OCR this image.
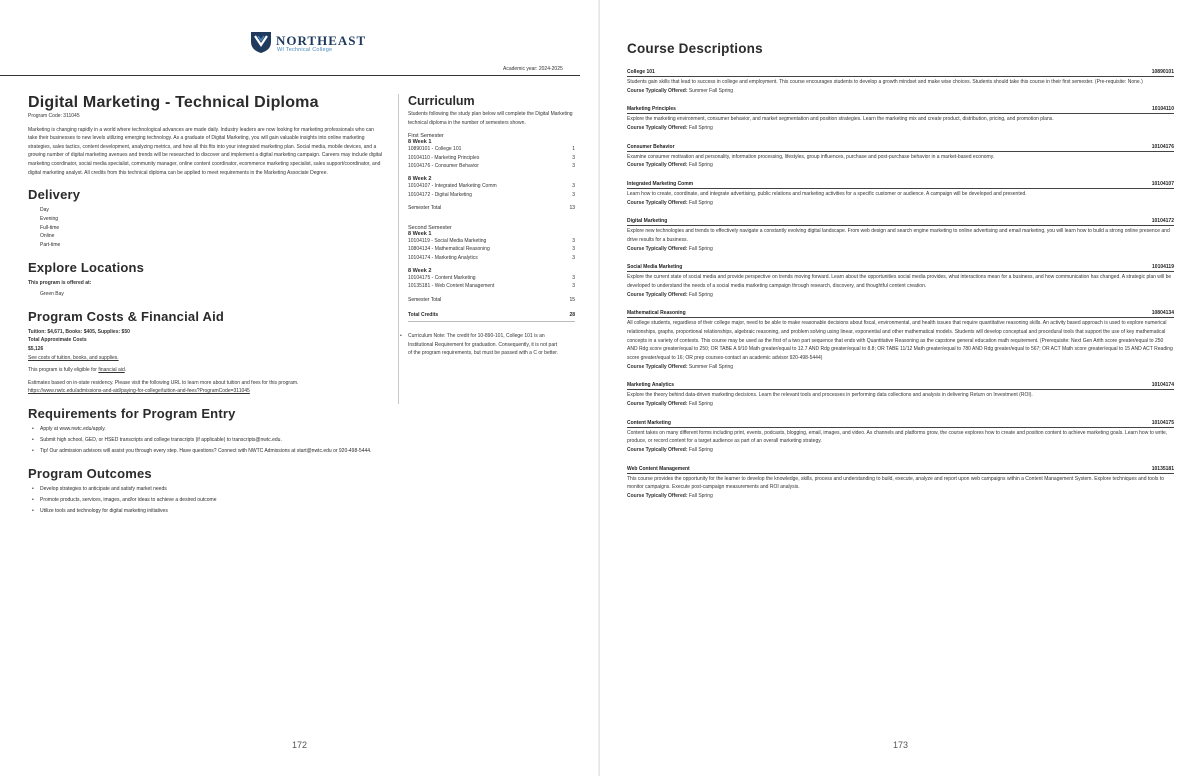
NORTHEAST
WI Technical College
Academic year: 2024-2025
Digital Marketing - Technical Diploma
Program Code: 311045
Marketing is changing rapidly in a world where technological advances are made daily. Industry leaders are now looking for marketing professionals who can take their businesses to new levels utilizing emerging technology. As a graduate of Digital Marketing, you will gain valuable insights into online marketing strategies, sales tactics, content development, analyzing metrics, and how all this fits into your integrated marketing plan. Social media, mobile devices, and a growing number of digital marketing avenues and trends will be researched to discover and implement a digital marketing campaign. Careers may include digital marketing coordinator, social media specialist, community manager, online content coordinator, ecommerce marketing specialist, sales support/coordinator, and digital marketing analyst. All credits from this technical diploma can be applied to meet requirements in the Marketing Associate Degree.
Delivery
Day
Evening
Full-time
Online
Part-time
Explore Locations
This program is offered at:
Green Bay
Program Costs & Financial Aid
Tuition: $4,671, Books: $405, Supplies: $50
Total Approximate Costs
$5,126
See costs of tuition, books, and supplies.
This program is fully eligible for financial aid.
Estimates based on in-state residency. Please visit the following URL to learn more about tuition and fees for this program.
https://www.nwtc.edu/admissions-and-aid/paying-for-college/tuition-and-fees?ProgramCode=311045
Requirements for Program Entry
• Apply at www.nwtc.edu/apply.
• Submit high school, GED, or HSED transcripts and college transcripts (if applicable) to transcripts@nwtc.edu.
• Tip! Our admission advisors will assist you through every step. Have questions? Connect with NWTC Admissions at start@nwtc.edu or 920-498-5444.
Program Outcomes
• Develop strategies to anticipate and satisfy market needs
• Promote products, services, images, and/or ideas to achieve a desired outcome
• Utilize tools and technology for digital marketing initiatives
Curriculum
Students following the study plan below will complete the Digital Marketing technical diploma in the number of semesters shown.
First Semester
8 Week 1
10890101 - College 101	1
10104110 - Marketing Principles	3
10104176 - Consumer Behavior	3
8 Week 2
10104107 - Integrated Marketing Comm	3
10104172 - Digital Marketing	3
Semester Total	13
Second Semester
8 Week 1
10104119 - Social Media Marketing	3
10804134 - Mathematical Reasoning	3
10104174 - Marketing Analytics	3
8 Week 2
10104175 - Content Marketing	3
10135181 - Web Content Management	3
Semester Total	15
Total Credits	28
• Curriculum Note: The credit for 10-890-101, College 101 is an Institutional Requirement for graduation. Consequently, it is not part of the program requirements, but must be passed with a C or better.
172	173
Course Descriptions
College 101	10890101
Students gain skills that lead to success in college and employment. This course encourages students to develop a growth mindset and make wise choices. Students should take this course in their first semester. (Pre-requisite: None.)
Course Typically Offered: Summer Fall Spring
Marketing Principles	10104110
Explore the marketing environment, consumer behavior, and market segmentation and position strategies. Learn the marketing mix and create product, distribution, pricing, and promotion plans.
Course Typically Offered: Fall Spring
Consumer Behavior	10104176
Examine consumer motivation and personality, information processing, lifestyles, group influences, purchase and post-purchase behavior in a market-based economy.
Course Typically Offered: Fall Spring
Integrated Marketing Comm	10104107
Learn how to create, coordinate, and integrate advertising, public relations and marketing activities for a specific customer or audience. A campaign will be developed and presented.
Course Typically Offered: Fall Spring
Digital Marketing	10104172
Explore new technologies and trends to effectively navigate a constantly evolving digital landscape. From web design and search engine marketing to online advertising and email marketing, you will learn how to build a strong online presence and drive results for a business.
Course Typically Offered: Fall Spring
Social Media Marketing	10104119
Explore the current state of social media and provide perspective on trends moving forward. Learn about the opportunities social media provides, what interactions mean for a business, and how communication has changed. A strategic plan will be developed to understand the needs of a social media marketing campaign through research, discovery, and thoughtful content creation.
Course Typically Offered: Fall Spring
Mathematical Reasoning	10804134
All college students, regardless of their college major, need to be able to make reasonable decisions about fiscal, environmental, and health issues that require quantitative reasoning skills. An activity based approach is used to explore numerical relationships, graphs, proportional relationships, algebraic reasoning, and problem solving using linear, exponential and other mathematical models. Students will develop conceptual and procedural tools that support the use of key mathematical concepts in a variety of contexts. This course may be used as the first of a two part sequence that ends with Quantitative Reasoning as the capstone general education math requirement. (Prerequisite: Next Gen Arith score greater/equal to 250 AND Rdg score greater/equal to 250; OR TABE A 9/10 Math greater/equal to 12.7 AND Rdg greater/equal to 8.8; OR TABE 11/12 Math greater/equal to 780 AND Rdg greater/equal to 567; OR ACT Math score greater/equal to 15 AND ACT Reading score greater/equal to 16; OR prep courses-contact an academic advisor 920-498-5444)
Course Typically Offered: Summer Fall Spring
Marketing Analytics	10104174
Explore the theory behind data-driven marketing decisions. Learn the relevant tools and processes in performing data collections and analysis in delivering Return on Investment (ROI).
Course Typically Offered: Fall Spring
Content Marketing	10104175
Content takes on many different forms including print, events, podcasts, blogging, email, images, and video. As channels and platforms grow, the course explores how to create and position content to achieve marketing goals. Learn how to write, produce, or record content for a target audience as part of an overall marketing strategy.
Course Typically Offered: Fall Spring
Web Content Management	10135181
This course provides the opportunity for the learner to develop the knowledge, skills, process and understanding to build, execute, analyze and report upon web campaigns within a Content Management System. Explore techniques and tools to monitor campaigns. Execute post-campaign measurements and ROI analysis.
Course Typically Offered: Fall Spring
